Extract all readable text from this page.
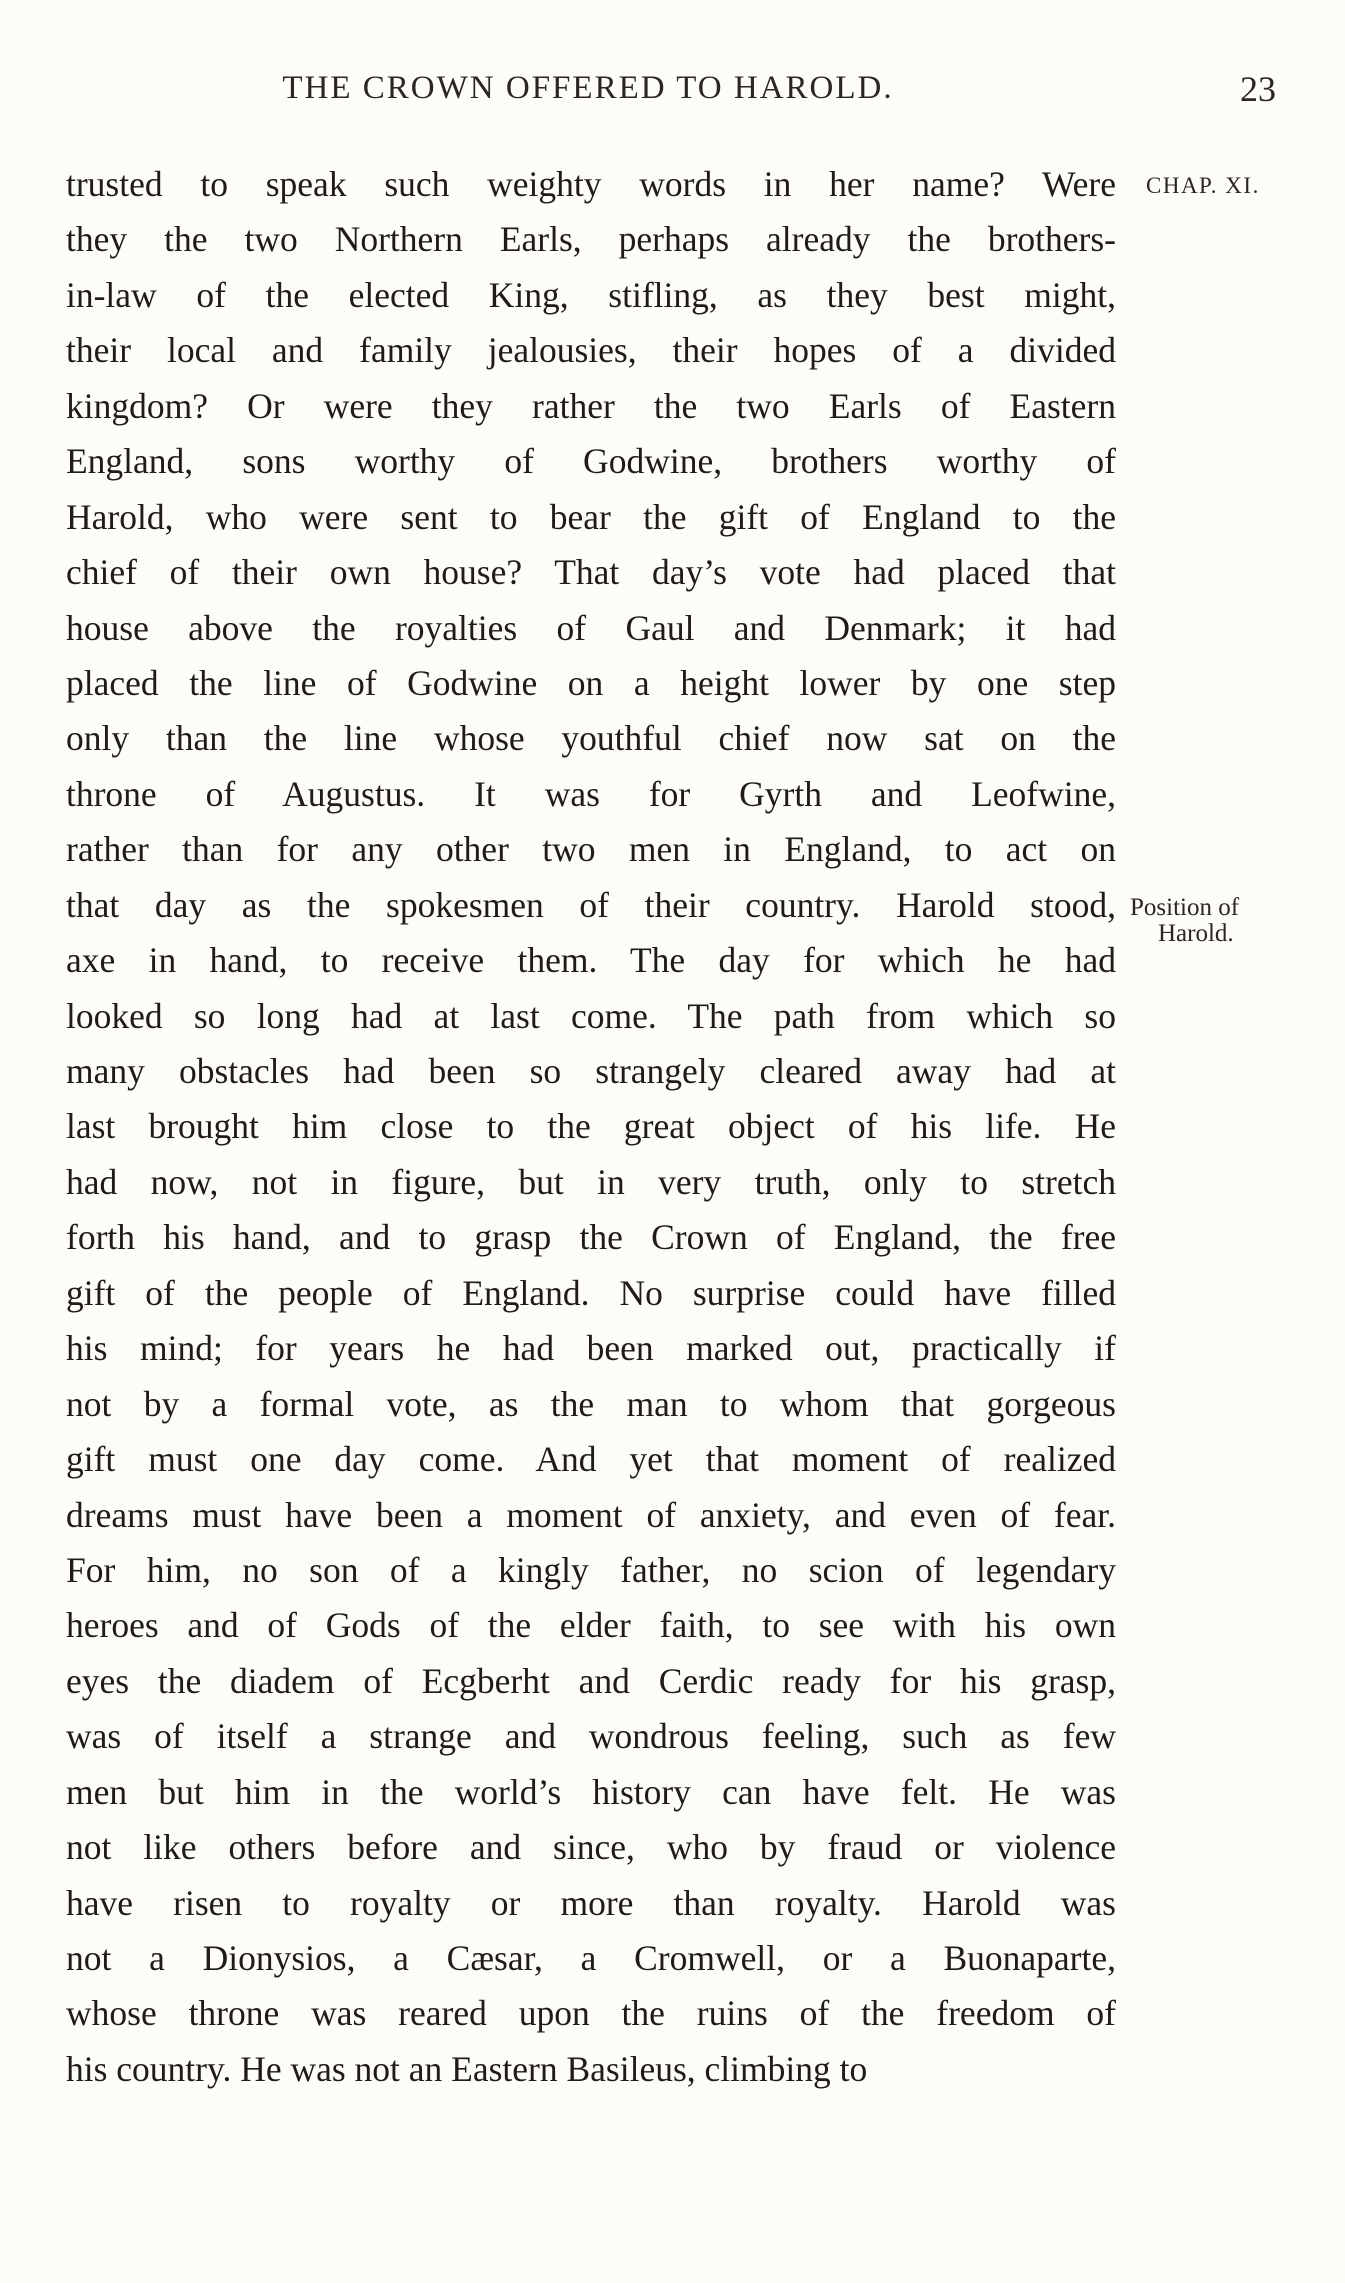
THE CROWN OFFERED TO HAROLD.	23
CHAP. XI.
Position of
Harold.
trusted to speak such weighty words in her name? Were
they the two Northern Earls, perhaps already the brothers-
in-law of the elected King, stifling, as they best might,
their local and family jealousies, their hopes of a divided
kingdom? Or were they rather the two Earls of Eastern
England, sons worthy of Godwine, brothers worthy of
Harold, who were sent to bear the gift of England to the
chief of their own house? That day’s vote had placed that
house above the royalties of Gaul and Denmark; it had
placed the line of Godwine on a height lower by one step
only than the line whose youthful chief now sat on the
throne of Augustus. It was for Gyrth and Leofwine,
rather than for any other two men in England, to act on
that day as the spokesmen of their country. Harold stood,
axe in hand, to receive them. The day for which he had
looked so long had at last come. The path from which so
many obstacles had been so strangely cleared away had at
last brought him close to the great object of his life. He
had now, not in figure, but in very truth, only to stretch
forth his hand, and to grasp the Crown of England, the free
gift of the people of England. No surprise could have filled
his mind; for years he had been marked out, practically if
not by a formal vote, as the man to whom that gorgeous
gift must one day come. And yet that moment of realized
dreams must have been a moment of anxiety, and even of fear.
For him, no son of a kingly father, no scion of legendary
heroes and of Gods of the elder faith, to see with his own
eyes the diadem of Ecgberht and Cerdic ready for his grasp,
was of itself a strange and wondrous feeling, such as few
men but him in the world’s history can have felt. He was
not like others before and since, who by fraud or violence
have risen to royalty or more than royalty. Harold was
not a Dionysios, a Cæsar, a Cromwell, or a Buonaparte,
whose throne was reared upon the ruins of the freedom of
his country. He was not an Eastern Basileus, climbing to
